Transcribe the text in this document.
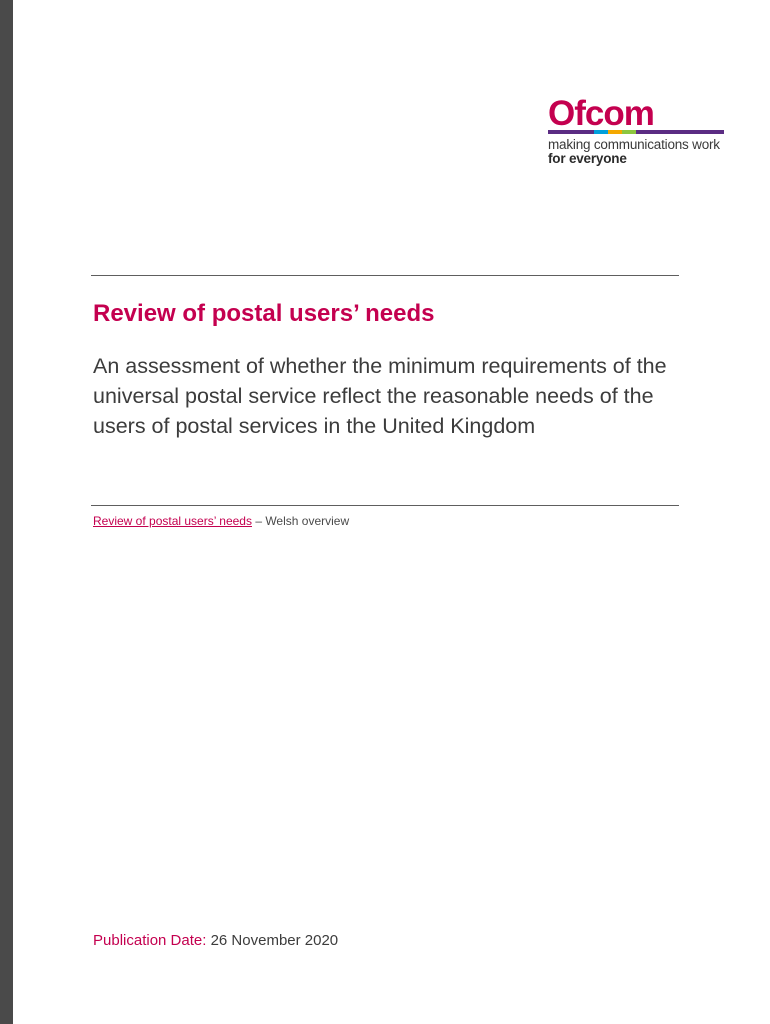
Ofcom
making communications work
for everyone
Review of postal users’ needs

An assessment of whether the minimum requirements of the universal postal service reflect the reasonable needs of the users of postal services in the United Kingdom

Review of postal users’ needs – Welsh overview
Publication Date: 26 November 2020
